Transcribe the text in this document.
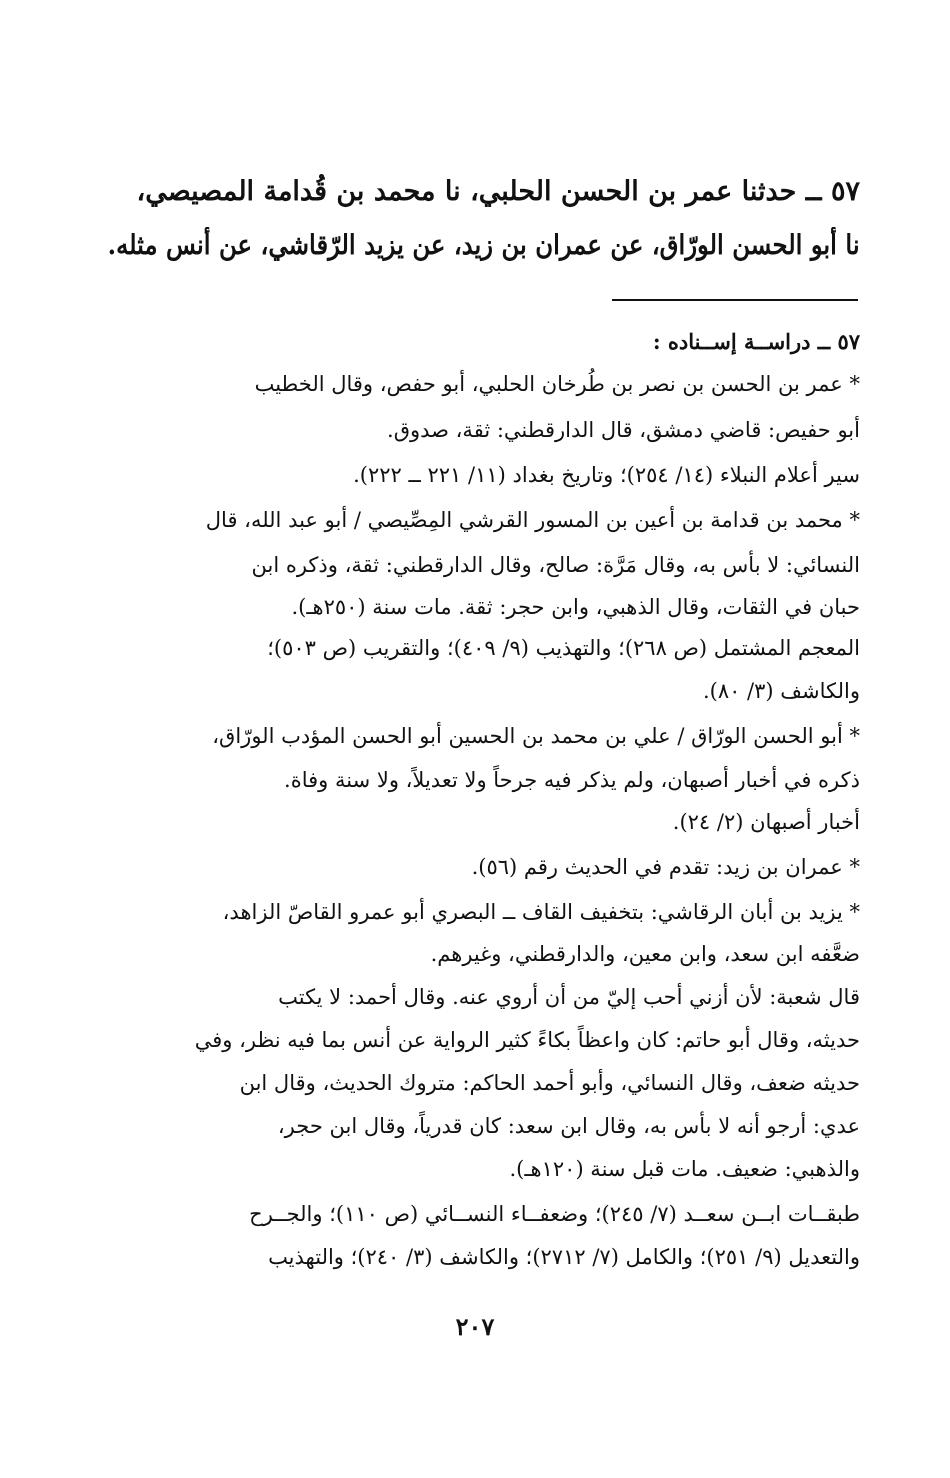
٥٧ ــ حدثنا عمر بن الحسن الحلبي، نا محمد بن قُدامة المصيصي،
نا أبو الحسن الورّاق، عن عمران بن زيد، عن يزيد الرّقاشي، عن أنس مثله.
٥٧ ــ دراســة إســناده :
* عمر بن الحسن بن نصر بن طُرخان الحلبي، أبو حفص، وقال الخطيب
أبو حفيص: قاضي دمشق، قال الدارقطني: ثقة، صدوق.
سير أعلام النبلاء (١٤/ ٢٥٤)؛ وتاريخ بغداد (١١/ ٢٢١ ــ ٢٢٢).
* محمد بن قدامة بن أعين بن المسور القرشي المِصِّيصي / أبو عبد الله، قال
النسائي: لا بأس به، وقال مَرَّة: صالح، وقال الدارقطني: ثقة، وذكره ابن
حبان في الثقات، وقال الذهبي، وابن حجر: ثقة. مات سنة (٢٥٠هـ).
المعجم المشتمل (ص ٢٦٨)؛ والتهذيب (٩/ ٤٠٩)؛ والتقريب (ص ٥٠٣)؛
والكاشف (٣/ ٨٠).
* أبو الحسن الورّاق / علي بن محمد بن الحسين أبو الحسن المؤدب الورّاق،
ذكره في أخبار أصبهان، ولم يذكر فيه جرحاً ولا تعديلاً، ولا سنة وفاة.
أخبار أصبهان (٢/ ٢٤).
* عمران بن زيد: تقدم في الحديث رقم (٥٦).
* يزيد بن أبان الرقاشي: بتخفيف القاف ــ البصري أبو عمرو القاصّ الزاهد،
ضعَّفه ابن سعد، وابن معين، والدارقطني، وغيرهم.
قال شعبة: لأن أزني أحب إليّ من أن أروي عنه. وقال أحمد: لا يكتب
حديثه، وقال أبو حاتم: كان واعظاً بكاءً كثير الرواية عن أنس بما فيه نظر، وفي
حديثه ضعف، وقال النسائي، وأبو أحمد الحاكم: متروك الحديث، وقال ابن
عدي: أرجو أنه لا بأس به، وقال ابن سعد: كان قدرياً، وقال ابن حجر،
والذهبي: ضعيف. مات قبل سنة (١٢٠هـ).
طبقــات ابــن سعــد (٧/ ٢٤٥)؛ وضعفــاء النســائي (ص ١١٠)؛ والجــرح
والتعديل (٩/ ٢٥١)؛ والكامل (٧/ ٢٧١٢)؛ والكاشف (٣/ ٢٤٠)؛ والتهذيب
٢٠٧
